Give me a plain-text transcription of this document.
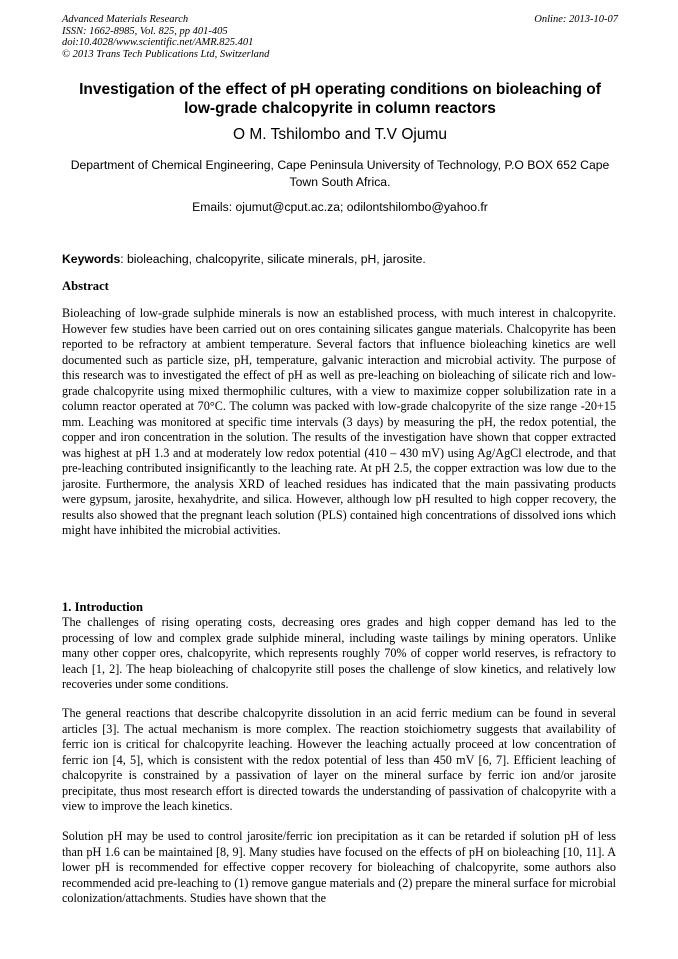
Advanced Materials Research
ISSN: 1662-8985, Vol. 825, pp 401-405
doi:10.4028/www.scientific.net/AMR.825.401
© 2013 Trans Tech Publications Ltd, Switzerland
Online: 2013-10-07
Investigation of the effect of pH operating conditions on bioleaching of low-grade chalcopyrite in column reactors
O M. Tshilombo and T.V Ojumu
Department of Chemical Engineering, Cape Peninsula University of Technology, P.O BOX 652 Cape Town South Africa.
Emails: ojumut@cput.ac.za; odilontshilombo@yahoo.fr
Keywords: bioleaching, chalcopyrite, silicate minerals, pH, jarosite.
Abstract
Bioleaching of low-grade sulphide minerals is now an established process, with much interest in chalcopyrite. However few studies have been carried out on ores containing silicates gangue materials. Chalcopyrite has been reported to be refractory at ambient temperature. Several factors that influence bioleaching kinetics are well documented such as particle size, pH, temperature, galvanic interaction and microbial activity. The purpose of this research was to investigated the effect of pH as well as pre-leaching on bioleaching of silicate rich and low-grade chalcopyrite using mixed thermophilic cultures, with a view to maximize copper solubilization rate in a column reactor operated at 70°C. The column was packed with low-grade chalcopyrite of the size range -20+15 mm. Leaching was monitored at specific time intervals (3 days) by measuring the pH, the redox potential, the copper and iron concentration in the solution. The results of the investigation have shown that copper extracted was highest at pH 1.3 and at moderately low redox potential (410 – 430 mV) using Ag/AgCl electrode, and that pre-leaching contributed insignificantly to the leaching rate. At pH 2.5, the copper extraction was low due to the jarosite. Furthermore, the analysis XRD of leached residues has indicated that the main passivating products were gypsum, jarosite, hexahydrite, and silica. However, although low pH resulted to high copper recovery, the results also showed that the pregnant leach solution (PLS) contained high concentrations of dissolved ions which might have inhibited the microbial activities.
1. Introduction
The challenges of rising operating costs, decreasing ores grades and high copper demand has led to the processing of low and complex grade sulphide mineral, including waste tailings by mining operators. Unlike many other copper ores, chalcopyrite, which represents roughly 70% of copper world reserves, is refractory to leach [1, 2]. The heap bioleaching of chalcopyrite still poses the challenge of slow kinetics, and relatively low recoveries under some conditions.
The general reactions that describe chalcopyrite dissolution in an acid ferric medium can be found in several articles [3]. The actual mechanism is more complex. The reaction stoichiometry suggests that availability of ferric ion is critical for chalcopyrite leaching. However the leaching actually proceed at low concentration of ferric ion [4, 5], which is consistent with the redox potential of less than 450 mV [6, 7]. Efficient leaching of chalcopyrite is constrained by a passivation of layer on the mineral surface by ferric ion and/or jarosite precipitate, thus most research effort is directed towards the understanding of passivation of chalcopyrite with a view to improve the leach kinetics.
Solution pH may be used to control jarosite/ferric ion precipitation as it can be retarded if solution pH of less than pH 1.6 can be maintained [8, 9]. Many studies have focused on the effects of pH on bioleaching [10, 11]. A lower pH is recommended for effective copper recovery for bioleaching of chalcopyrite, some authors also recommended acid pre-leaching to (1) remove gangue materials and (2) prepare the mineral surface for microbial colonization/attachments. Studies have shown that the
